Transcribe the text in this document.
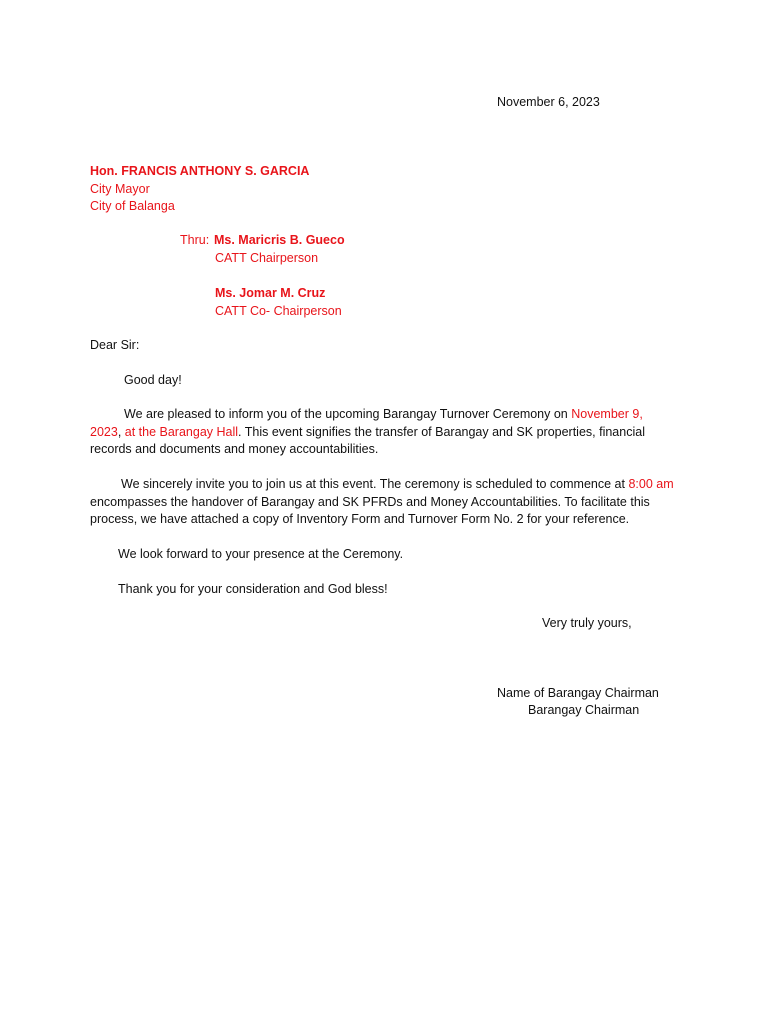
November 6, 2023
Hon. FRANCIS ANTHONY S. GARCIA
City Mayor
City of Balanga
Thru: Ms. Maricris B. Gueco
CATT Chairperson
Ms. Jomar M. Cruz
CATT Co- Chairperson
Dear Sir:
Good day!
We are pleased to inform you of the upcoming Barangay Turnover Ceremony on November 9, 2023, at the Barangay Hall. This event signifies the transfer of Barangay and SK properties, financial records and documents and money accountabilities.
We sincerely invite you to join us at this event. The ceremony is scheduled to commence at 8:00 am encompasses the handover of Barangay and SK PFRDs and Money Accountabilities. To facilitate this process, we have attached a copy of Inventory Form and Turnover Form No. 2 for your reference.
We look forward to your presence at the Ceremony.
Thank you for your consideration and God bless!
Very truly yours,
Name of Barangay Chairman
Barangay Chairman
